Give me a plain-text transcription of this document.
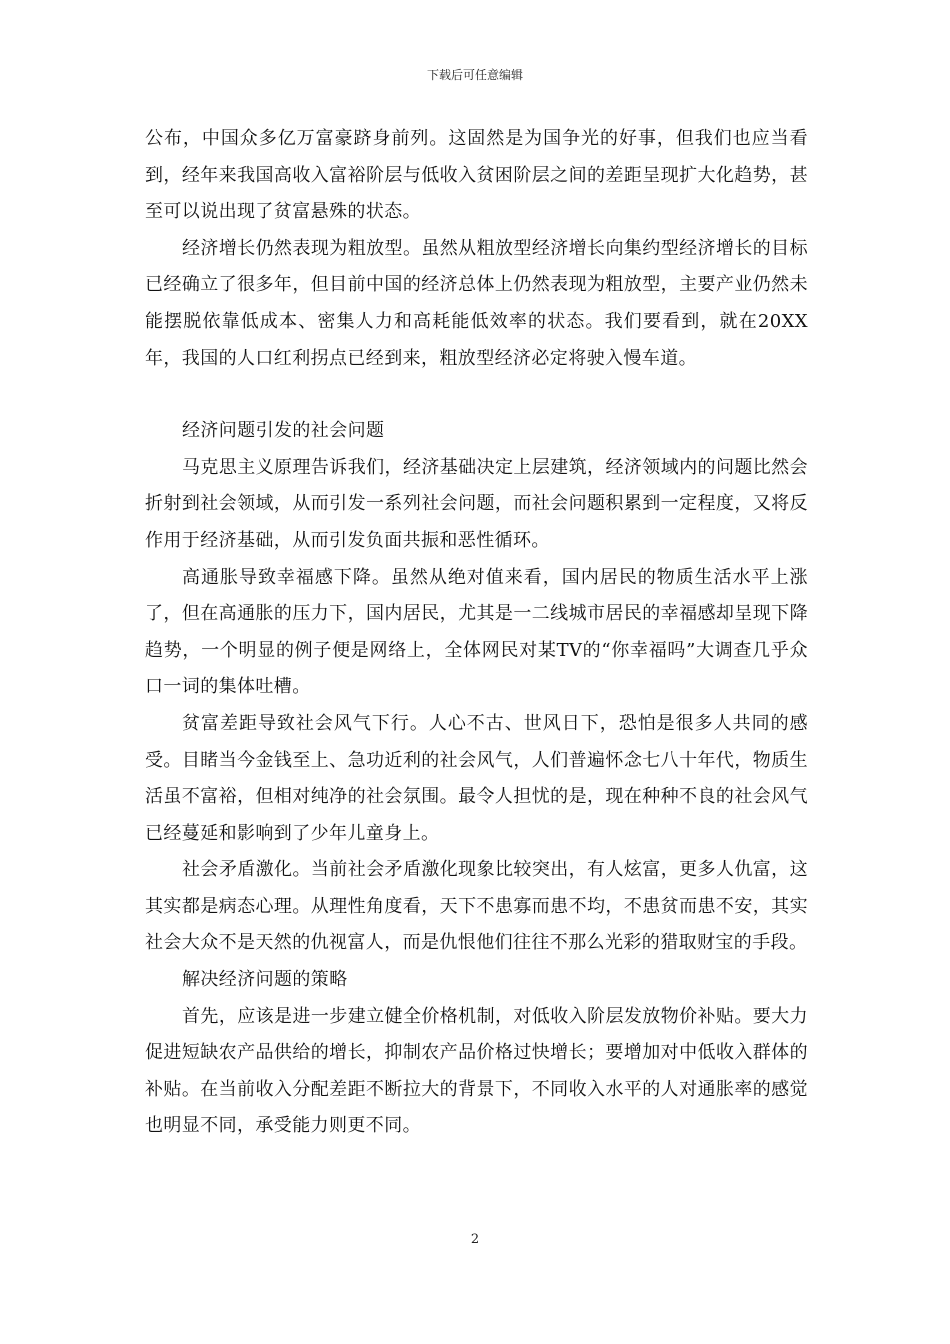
下载后可任意编辑

公布，中国众多亿万富豪跻身前列。这固然是为国争光的好事，但我们也应当看到，经年来我国高收入富裕阶层与低收入贫困阶层之间的差距呈现扩大化趋势，甚至可以说出现了贫富悬殊的状态。

经济增长仍然表现为粗放型。虽然从粗放型经济增长向集约型经济增长的目标已经确立了很多年，但目前中国的经济总体上仍然表现为粗放型，主要产业仍然未能摆脱依靠低成本、密集人力和高耗能低效率的状态。我们要看到，就在20XX年，我国的人口红利拐点已经到来，粗放型经济必定将驶入慢车道。

经济问题引发的社会问题

马克思主义原理告诉我们，经济基础决定上层建筑，经济领域内的问题比然会折射到社会领域，从而引发一系列社会问题，而社会问题积累到一定程度，又将反作用于经济基础，从而引发负面共振和恶性循环。

高通胀导致幸福感下降。虽然从绝对值来看，国内居民的物质生活水平上涨了，但在高通胀的压力下，国内居民，尤其是一二线城市居民的幸福感却呈现下降趋势，一个明显的例子便是网络上，全体网民对某TV的“你幸福吗”大调查几乎众口一词的集体吐槽。

贫富差距导致社会风气下行。人心不古、世风日下，恐怕是很多人共同的感受。目睹当今金钱至上、急功近利的社会风气，人们普遍怀念七八十年代，物质生活虽不富裕，但相对纯净的社会氛围。最令人担忧的是，现在种种不良的社会风气已经蔓延和影响到了少年儿童身上。

社会矛盾激化。当前社会矛盾激化现象比较突出，有人炫富，更多人仇富，这其实都是病态心理。从理性角度看，天下不患寡而患不均，不患贫而患不安，其实社会大众不是天然的仇视富人，而是仇恨他们往往不那么光彩的猎取财宝的手段。

解决经济问题的策略

首先，应该是进一步建立健全价格机制，对低收入阶层发放物价补贴。要大力促进短缺农产品供给的增长，抑制农产品价格过快增长；要增加对中低收入群体的补贴。在当前收入分配差距不断拉大的背景下，不同收入水平的人对通胀率的感觉也明显不同，承受能力则更不同。

2
